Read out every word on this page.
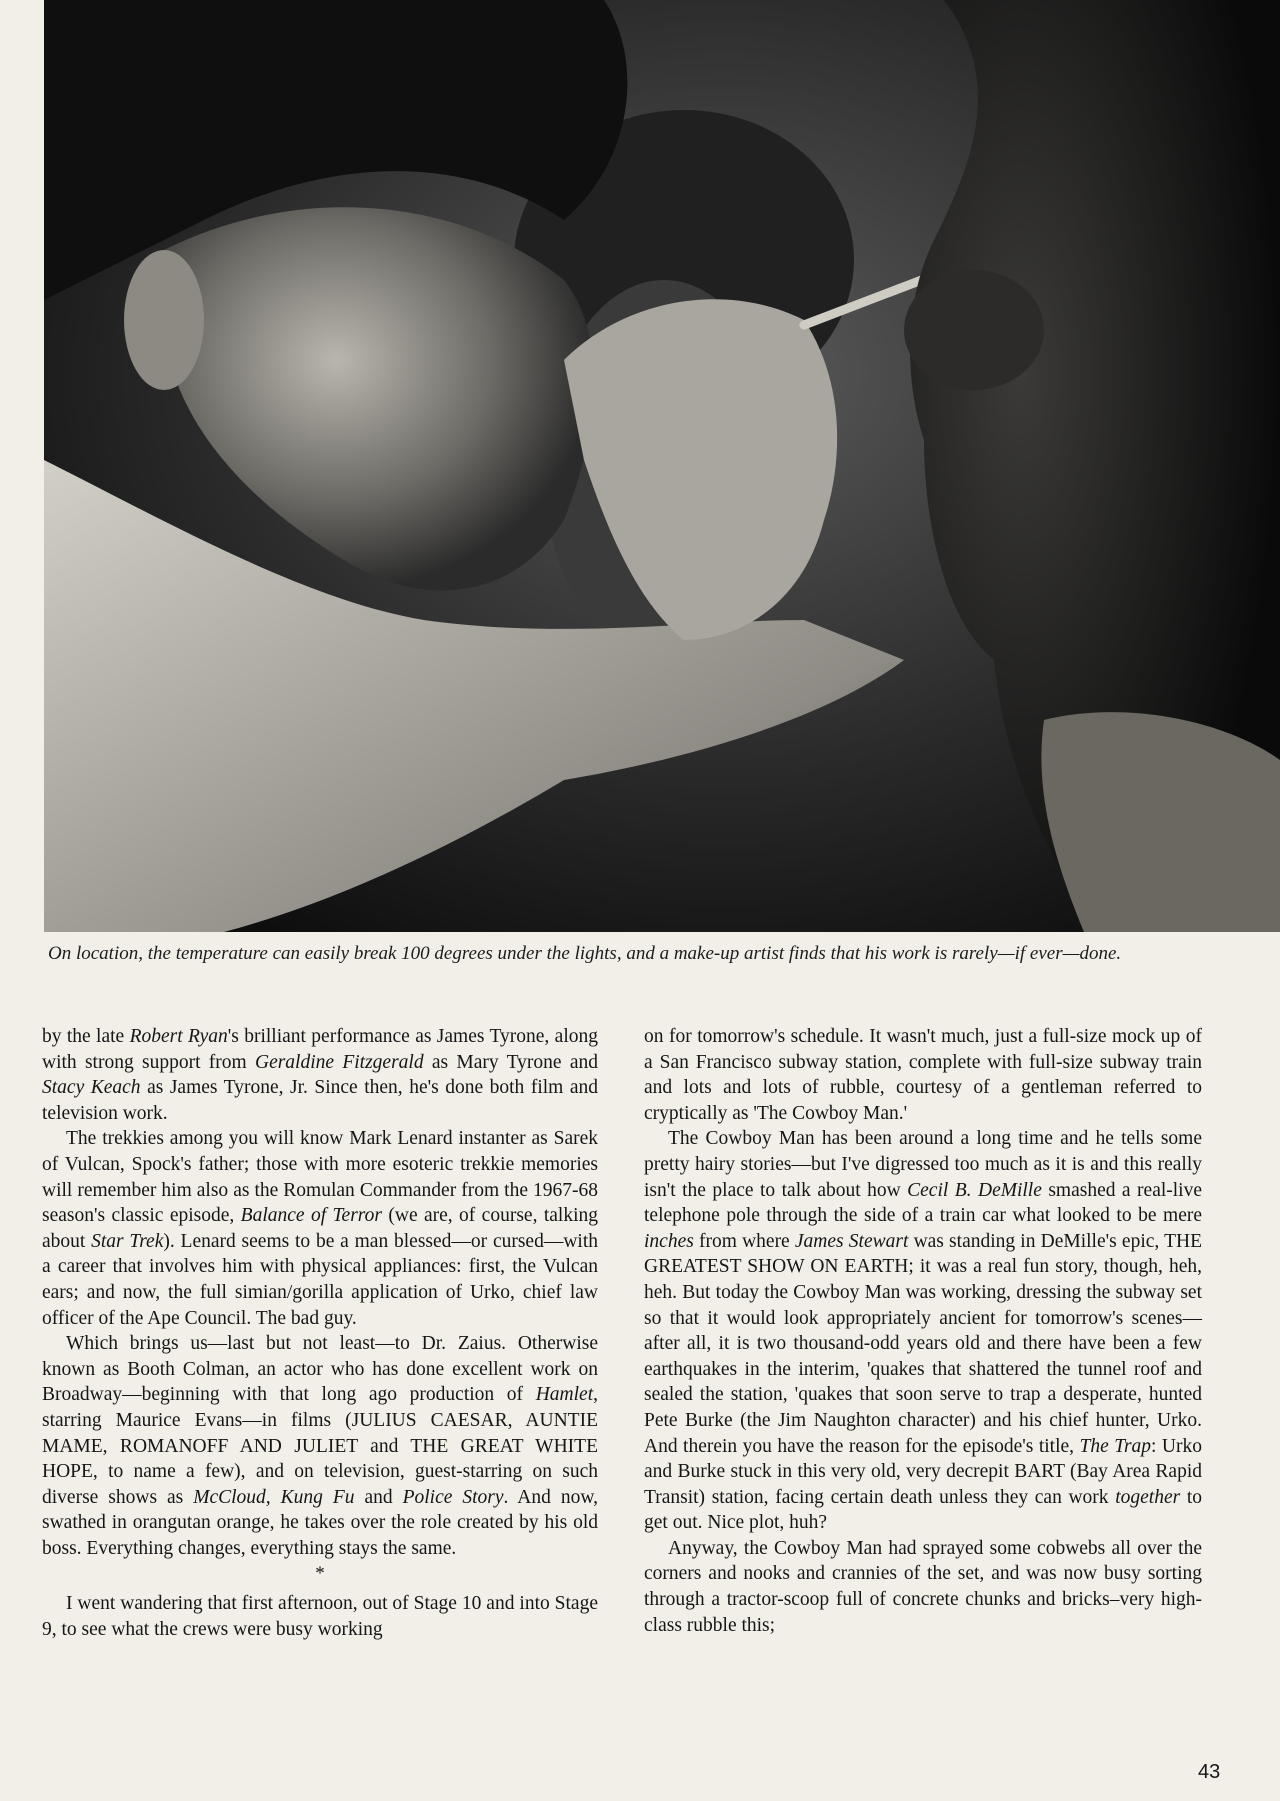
On location, the temperature can easily break 100 degrees under the lights, and a make-up artist finds that his work is rarely—if ever—done.

by the late Robert Ryan's brilliant performance as James Tyrone, along with strong support from Geraldine Fitzgerald as Mary Tyrone and Stacy Keach as James Tyrone, Jr. Since then, he's done both film and television work.

The trekkies among you will know Mark Lenard instanter as Sarek of Vulcan, Spock's father; those with more esoteric trekkie memories will remember him also as the Romulan Commander from the 1967-68 season's classic episode, Balance of Terror (we are, of course, talking about Star Trek). Lenard seems to be a man blessed—or cursed—with a career that involves him with physical appliances: first, the Vulcan ears; and now, the full simian/gorilla application of Urko, chief law officer of the Ape Council. The bad guy.

Which brings us—last but not least—to Dr. Zaius. Otherwise known as Booth Colman, an actor who has done excellent work on Broadway—beginning with that long ago production of Hamlet, starring Maurice Evans—in films (JULIUS CAESAR, AUNTIE MAME, ROMANOFF AND JULIET and THE GREAT WHITE HOPE, to name a few), and on television, guest-starring on such diverse shows as McCloud, Kung Fu and Police Story. And now, swathed in orangutan orange, he takes over the role created by his old boss. Everything changes, everything stays the same.

*

I went wandering that first afternoon, out of Stage 10 and into Stage 9, to see what the crews were busy working

on for tomorrow's schedule. It wasn't much, just a full-size mock up of a San Francisco subway station, complete with full-size subway train and lots and lots of rubble, courtesy of a gentleman referred to cryptically as 'The Cowboy Man.'

The Cowboy Man has been around a long time and he tells some pretty hairy stories—but I've digressed too much as it is and this really isn't the place to talk about how Cecil B. DeMille smashed a real-live telephone pole through the side of a train car what looked to be mere inches from where James Stewart was standing in DeMille's epic, THE GREATEST SHOW ON EARTH; it was a real fun story, though, heh, heh. But today the Cowboy Man was working, dressing the subway set so that it would look appropriately ancient for tomorrow's scenes—after all, it is two thousand-odd years old and there have been a few earthquakes in the interim, 'quakes that shattered the tunnel roof and sealed the station, 'quakes that soon serve to trap a desperate, hunted Pete Burke (the Jim Naughton character) and his chief hunter, Urko. And therein you have the reason for the episode's title, The Trap: Urko and Burke stuck in this very old, very decrepit BART (Bay Area Rapid Transit) station, facing certain death unless they can work together to get out. Nice plot, huh?

Anyway, the Cowboy Man had sprayed some cobwebs all over the corners and nooks and crannies of the set, and was now busy sorting through a tractor-scoop full of concrete chunks and bricks–very high-class rubble this;

43
